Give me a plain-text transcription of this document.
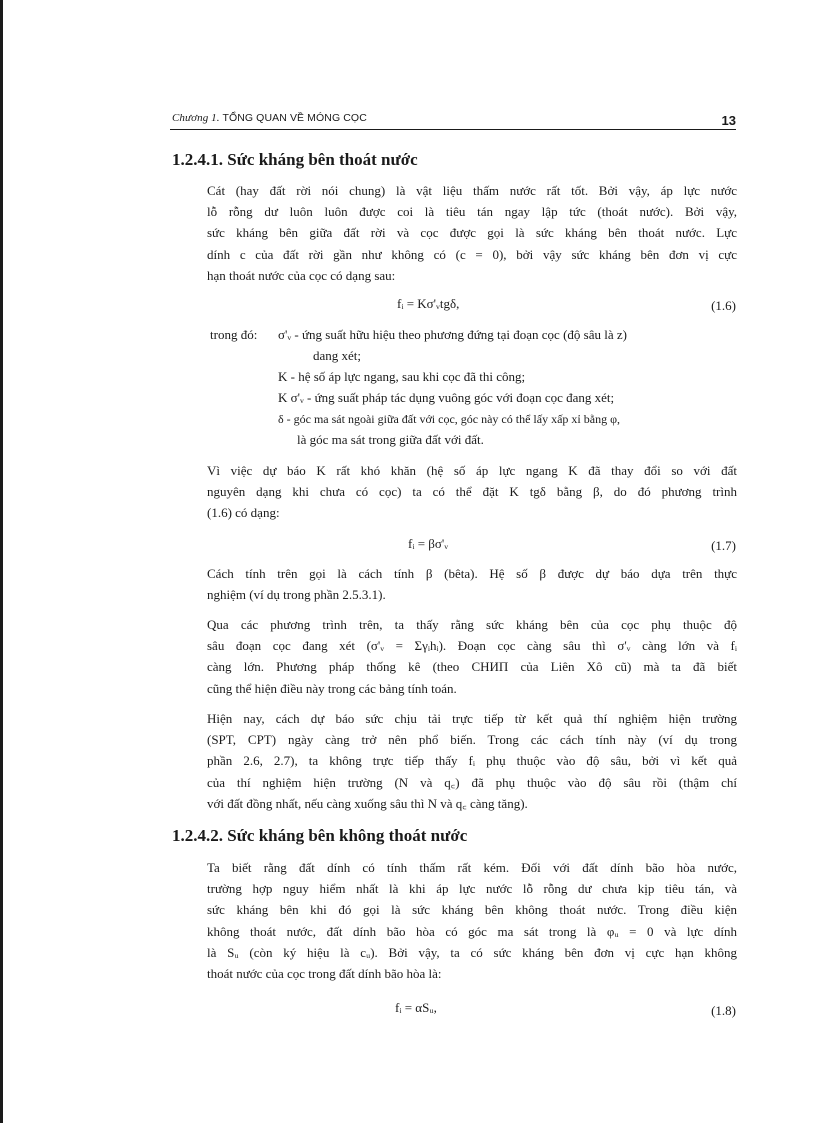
Chương 1. TỔNG QUAN VỀ MÓNG CỌC	13
1.2.4.1. Sức kháng bên thoát nước
Cát (hay đất rời nói chung) là vật liệu thấm nước rất tốt. Bởi vậy, áp lực nước
lỗ rỗng dư luôn luôn được coi là tiêu tán ngay lập tức (thoát nước). Bởi vậy,
sức kháng bên giữa đất rời và cọc được gọi là sức kháng bên thoát nước. Lực
dính c của đất rời gần như không có (c = 0), bởi vậy sức kháng bên đơn vị cực
hạn thoát nước của cọc có dạng sau:
fᵢ = Kσ'ᵥtgδ,	(1.6)
trong đó: σ'ᵥ - ứng suất hữu hiệu theo phương đứng tại đoạn cọc (độ sâu là z)
dang xét;
K - hệ số áp lực ngang, sau khi cọc đã thi công;
K σ'ᵥ - ứng suất pháp tác dụng vuông góc với đoạn cọc đang xét;
δ - góc ma sát ngoài giữa đất với cọc, góc này có thể lấy xấp xỉ bằng φ,
là góc ma sát trong giữa đất với đất.
Vì việc dự báo K rất khó khăn (hệ số áp lực ngang K đã thay đổi so với đất
nguyên dạng khi chưa có cọc) ta có thể đặt K tgδ bằng β, do đó phương trình
(1.6) có dạng:
fᵢ = βσ'ᵥ	(1.7)
Cách tính trên gọi là cách tính β (bêta). Hệ số β được dự báo dựa trên thực
nghiệm (ví dụ trong phần 2.5.3.1).
Qua các phương trình trên, ta thấy rằng sức kháng bên của cọc phụ thuộc độ
sâu đoạn cọc đang xét (σ'ᵥ = Σγᵢhᵢ). Đoạn cọc càng sâu thì σ'ᵥ càng lớn và fᵢ
càng lớn. Phương pháp thống kê (theo СНИП của Liên Xô cũ) mà ta đã biết
cũng thể hiện điều này trong các bảng tính toán.
Hiện nay, cách dự báo sức chịu tải trực tiếp từ kết quả thí nghiệm hiện trường
(SPT, CPT) ngày càng trở nên phổ biến. Trong các cách tính này (ví dụ trong
phần 2.6, 2.7), ta không trực tiếp thấy fᵢ phụ thuộc vào độ sâu, bởi vì kết quả
của thí nghiệm hiện trường (N và q꜀) đã phụ thuộc vào độ sâu rồi (thậm chí
với đất đồng nhất, nếu càng xuống sâu thì N và q꜀ càng tăng).
1.2.4.2. Sức kháng bên không thoát nước
Ta biết rằng đất dính có tính thấm rất kém. Đối với đất dính bão hòa nước,
trường hợp nguy hiểm nhất là khi áp lực nước lỗ rỗng dư chưa kịp tiêu tán, và
sức kháng bên khi đó gọi là sức kháng bên không thoát nước. Trong điều kiện
không thoát nước, đất dính bão hòa có góc ma sát trong là φᵤ = 0 và lực dính
là Sᵤ (còn ký hiệu là cᵤ). Bởi vậy, ta có sức kháng bên đơn vị cực hạn không
thoát nước của cọc trong đất dính bão hòa là:
fᵢ = αSᵤ,	(1.8)
